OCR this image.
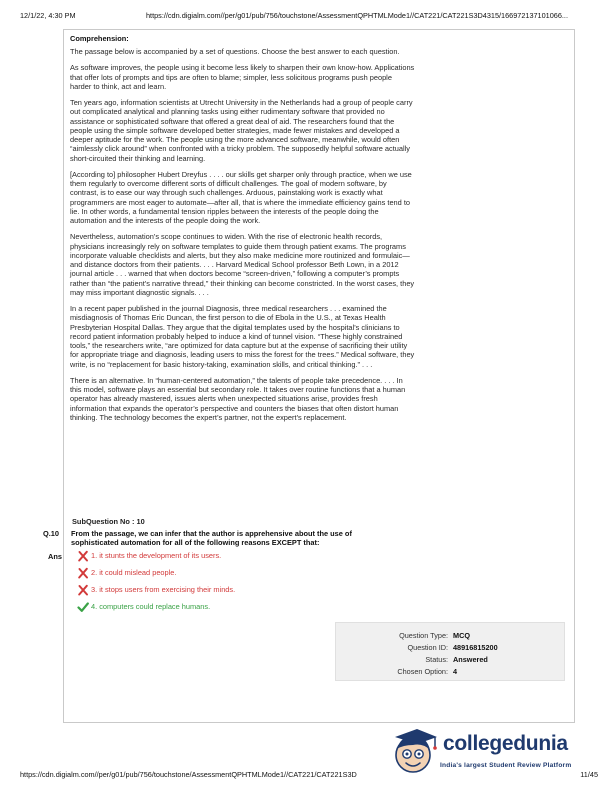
12/1/22, 4:30 PM	https://cdn.digialm.com//per/g01/pub/756/touchstone/AssessmentQPHTMLMode1//CAT221/CAT221S3D4315/166972137101066...

Comprehension:

The passage below is accompanied by a set of questions. Choose the best answer to each question.

As software improves, the people using it become less likely to sharpen their own know-how. Applications that offer lots of prompts and tips are often to blame; simpler, less solicitous programs push people harder to think, act and learn.

Ten years ago, information scientists at Utrecht University in the Netherlands had a group of people carry out complicated analytical and planning tasks using either rudimentary software that provided no assistance or sophisticated software that offered a great deal of aid. The researchers found that the people using the simple software developed better strategies, made fewer mistakes and developed a deeper aptitude for the work. The people using the more advanced software, meanwhile, would often “aimlessly click around” when confronted with a tricky problem. The supposedly helpful software actually short-circuited their thinking and learning.

[According to] philosopher Hubert Dreyfus . . . . our skills get sharper only through practice, when we use them regularly to overcome different sorts of difficult challenges. The goal of modern software, by contrast, is to ease our way through such challenges. Arduous, painstaking work is exactly what programmers are most eager to automate—after all, that is where the immediate efficiency gains tend to lie. In other words, a fundamental tension ripples between the interests of the people doing the automation and the interests of the people doing the work.

Nevertheless, automation’s scope continues to widen. With the rise of electronic health records, physicians increasingly rely on software templates to guide them through patient exams. The programs incorporate valuable checklists and alerts, but they also make medicine more routinized and formulaic—and distance doctors from their patients. . . . Harvard Medical School professor Beth Lown, in a 2012 journal article . . . warned that when doctors become “screen-driven,” following a computer’s prompts rather than “the patient’s narrative thread,” their thinking can become constricted. In the worst cases, they may miss important diagnostic signals. . . .

In a recent paper published in the journal Diagnosis, three medical researchers . . . examined the misdiagnosis of Thomas Eric Duncan, the first person to die of Ebola in the U.S., at Texas Health Presbyterian Hospital Dallas. They argue that the digital templates used by the hospital’s clinicians to record patient information probably helped to induce a kind of tunnel vision. “These highly constrained tools,” the researchers write, “are optimized for data capture but at the expense of sacrificing their utility for appropriate triage and diagnosis, leading users to miss the forest for the trees.” Medical software, they write, is no “replacement for basic history-taking, examination skills, and critical thinking.” . . .

There is an alternative. In “human-centered automation,” the talents of people take precedence. . . . In this model, software plays an essential but secondary role. It takes over routine functions that a human operator has already mastered, issues alerts when unexpected situations arise, provides fresh information that expands the operator’s perspective and counters the biases that often distort human thinking. The technology becomes the expert’s partner, not the expert’s replacement.

SubQuestion No : 10
Q.10 From the passage, we can infer that the author is apprehensive about the use of sophisticated automation for all of the following reasons EXCEPT that:
Ans	1. it stunts the development of its users.
2. it could mislead people.
3. it stops users from exercising their minds.
4. computers could replace humans.
Question Type : MCQ
Question ID : 48916815200
Status : Answered
Chosen Option : 4
collegedunia
India's largest Student Review Platform
https://cdn.digialm.com//per/g01/pub/756/touchstone/AssessmentQPHTMLMode1//CAT221/CAT221S3D	11/45
